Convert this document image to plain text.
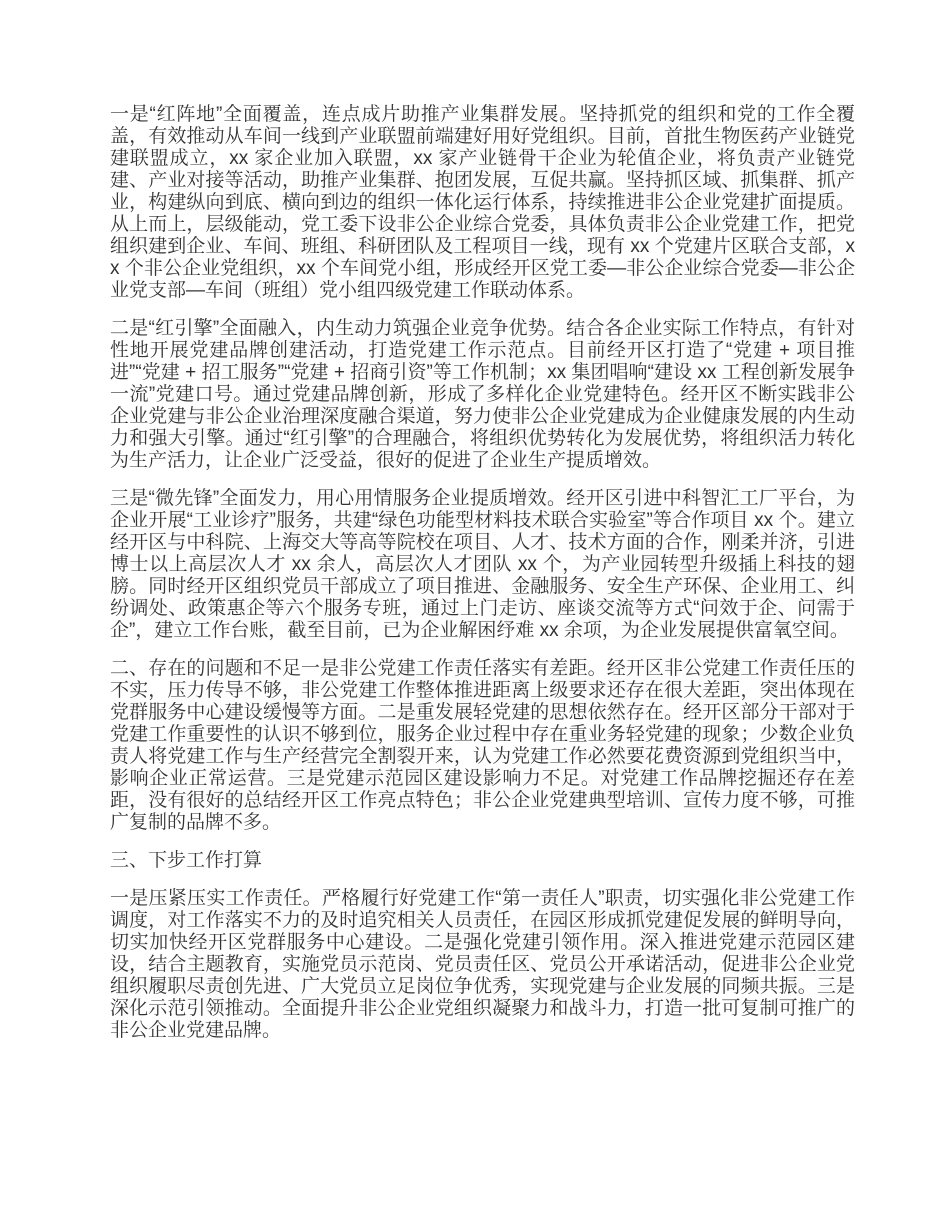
一是“红阵地”全面覆盖，连点成片助推产业集群发展。坚持抓党的组织和党的工作全覆盖，有效推动从车间一线到产业联盟前端建好用好党组织。目前，首批生物医药产业链党建联盟成立，xx 家企业加入联盟，xx 家产业链骨干企业为轮值企业，将负责产业链党建、产业对接等活动，助推产业集群、抱团发展，互促共赢。坚持抓区域、抓集群、抓产业，构建纵向到底、横向到边的组织一体化运行体系，持续推进非公企业党建扩面提质。从上而上，层级能动，党工委下设非公企业综合党委，具体负责非公企业党建工作，把党组织建到企业、车间、班组、科研团队及工程项目一线，现有 xx 个党建片区联合支部，xx 个非公企业党组织，xx 个车间党小组，形成经开区党工委—非公企业综合党委—非公企业党支部—车间（班组）党小组四级党建工作联动体系。

二是“红引擎”全面融入，内生动力筑强企业竞争优势。结合各企业实际工作特点，有针对性地开展党建品牌创建活动，打造党建工作示范点。目前经开区打造了“党建 + 项目推进”“党建 + 招工服务”“党建 + 招商引资”等工作机制；xx 集团唱响“建设 xx 工程创新发展争一流”党建口号。通过党建品牌创新，形成了多样化企业党建特色。经开区不断实践非公企业党建与非公企业治理深度融合渠道，努力使非公企业党建成为企业健康发展的内生动力和强大引擎。通过“红引擎”的合理融合，将组织优势转化为发展优势，将组织活力转化为生产活力，让企业广泛受益，很好的促进了企业生产提质增效。

三是“微先锋”全面发力，用心用情服务企业提质增效。经开区引进中科智汇工厂平台，为企业开展“工业诊疗”服务，共建“绿色功能型材料技术联合实验室”等合作项目 xx 个。建立经开区与中科院、上海交大等高等院校在项目、人才、技术方面的合作，刚柔并济，引进博士以上高层次人才 xx 余人，高层次人才团队 xx 个，为产业园转型升级插上科技的翅膀。同时经开区组织党员干部成立了项目推进、金融服务、安全生产环保、企业用工、纠纷调处、政策惠企等六个服务专班，通过上门走访、座谈交流等方式“问效于企、问需于企”，建立工作台账，截至目前，已为企业解困纾难 xx 余项，为企业发展提供富氧空间。

二、存在的问题和不足一是非公党建工作责任落实有差距。经开区非公党建工作责任压的不实，压力传导不够，非公党建工作整体推进距离上级要求还存在很大差距，突出体现在党群服务中心建设缓慢等方面。二是重发展轻党建的思想依然存在。经开区部分干部对于党建工作重要性的认识不够到位，服务企业过程中存在重业务轻党建的现象；少数企业负责人将党建工作与生产经营完全割裂开来，认为党建工作必然要花费资源到党组织当中，影响企业正常运营。三是党建示范园区建设影响力不足。对党建工作品牌挖掘还存在差距，没有很好的总结经开区工作亮点特色；非公企业党建典型培训、宣传力度不够，可推广复制的品牌不多。

三、下步工作打算

一是压紧压实工作责任。严格履行好党建工作“第一责任人”职责，切实强化非公党建工作调度，对工作落实不力的及时追究相关人员责任，在园区形成抓党建促发展的鲜明导向，切实加快经开区党群服务中心建设。二是强化党建引领作用。深入推进党建示范园区建设，结合主题教育，实施党员示范岗、党员责任区、党员公开承诺活动，促进非公企业党组织履职尽责创先进、广大党员立足岗位争优秀，实现党建与企业发展的同频共振。三是深化示范引领推动。全面提升非公企业党组织凝聚力和战斗力，打造一批可复制可推广的非公企业党建品牌。
